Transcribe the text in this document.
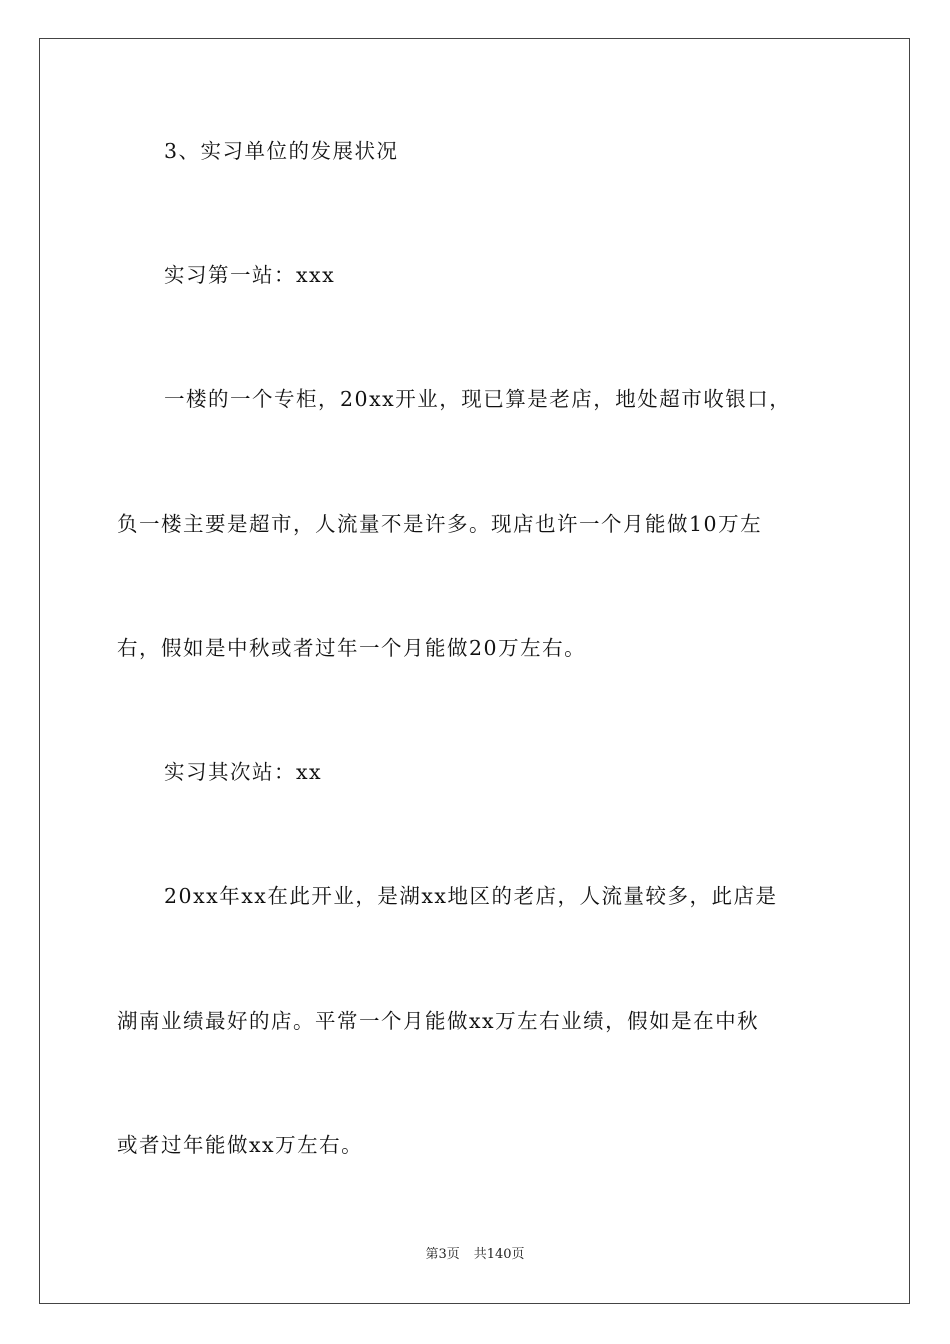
3、实习单位的发展状况
实习第一站：xxx
一楼的一个专柜，20xx开业，现已算是老店，地处超市收银口，
负一楼主要是超市，人流量不是许多。现店也许一个月能做10万左
右，假如是中秋或者过年一个月能做20万左右。
实习其次站：xx
20xx年xx在此开业，是湖xx地区的老店，人流量较多，此店是
湖南业绩最好的店。平常一个月能做xx万左右业绩，假如是在中秋
或者过年能做xx万左右。
第3页 共140页
